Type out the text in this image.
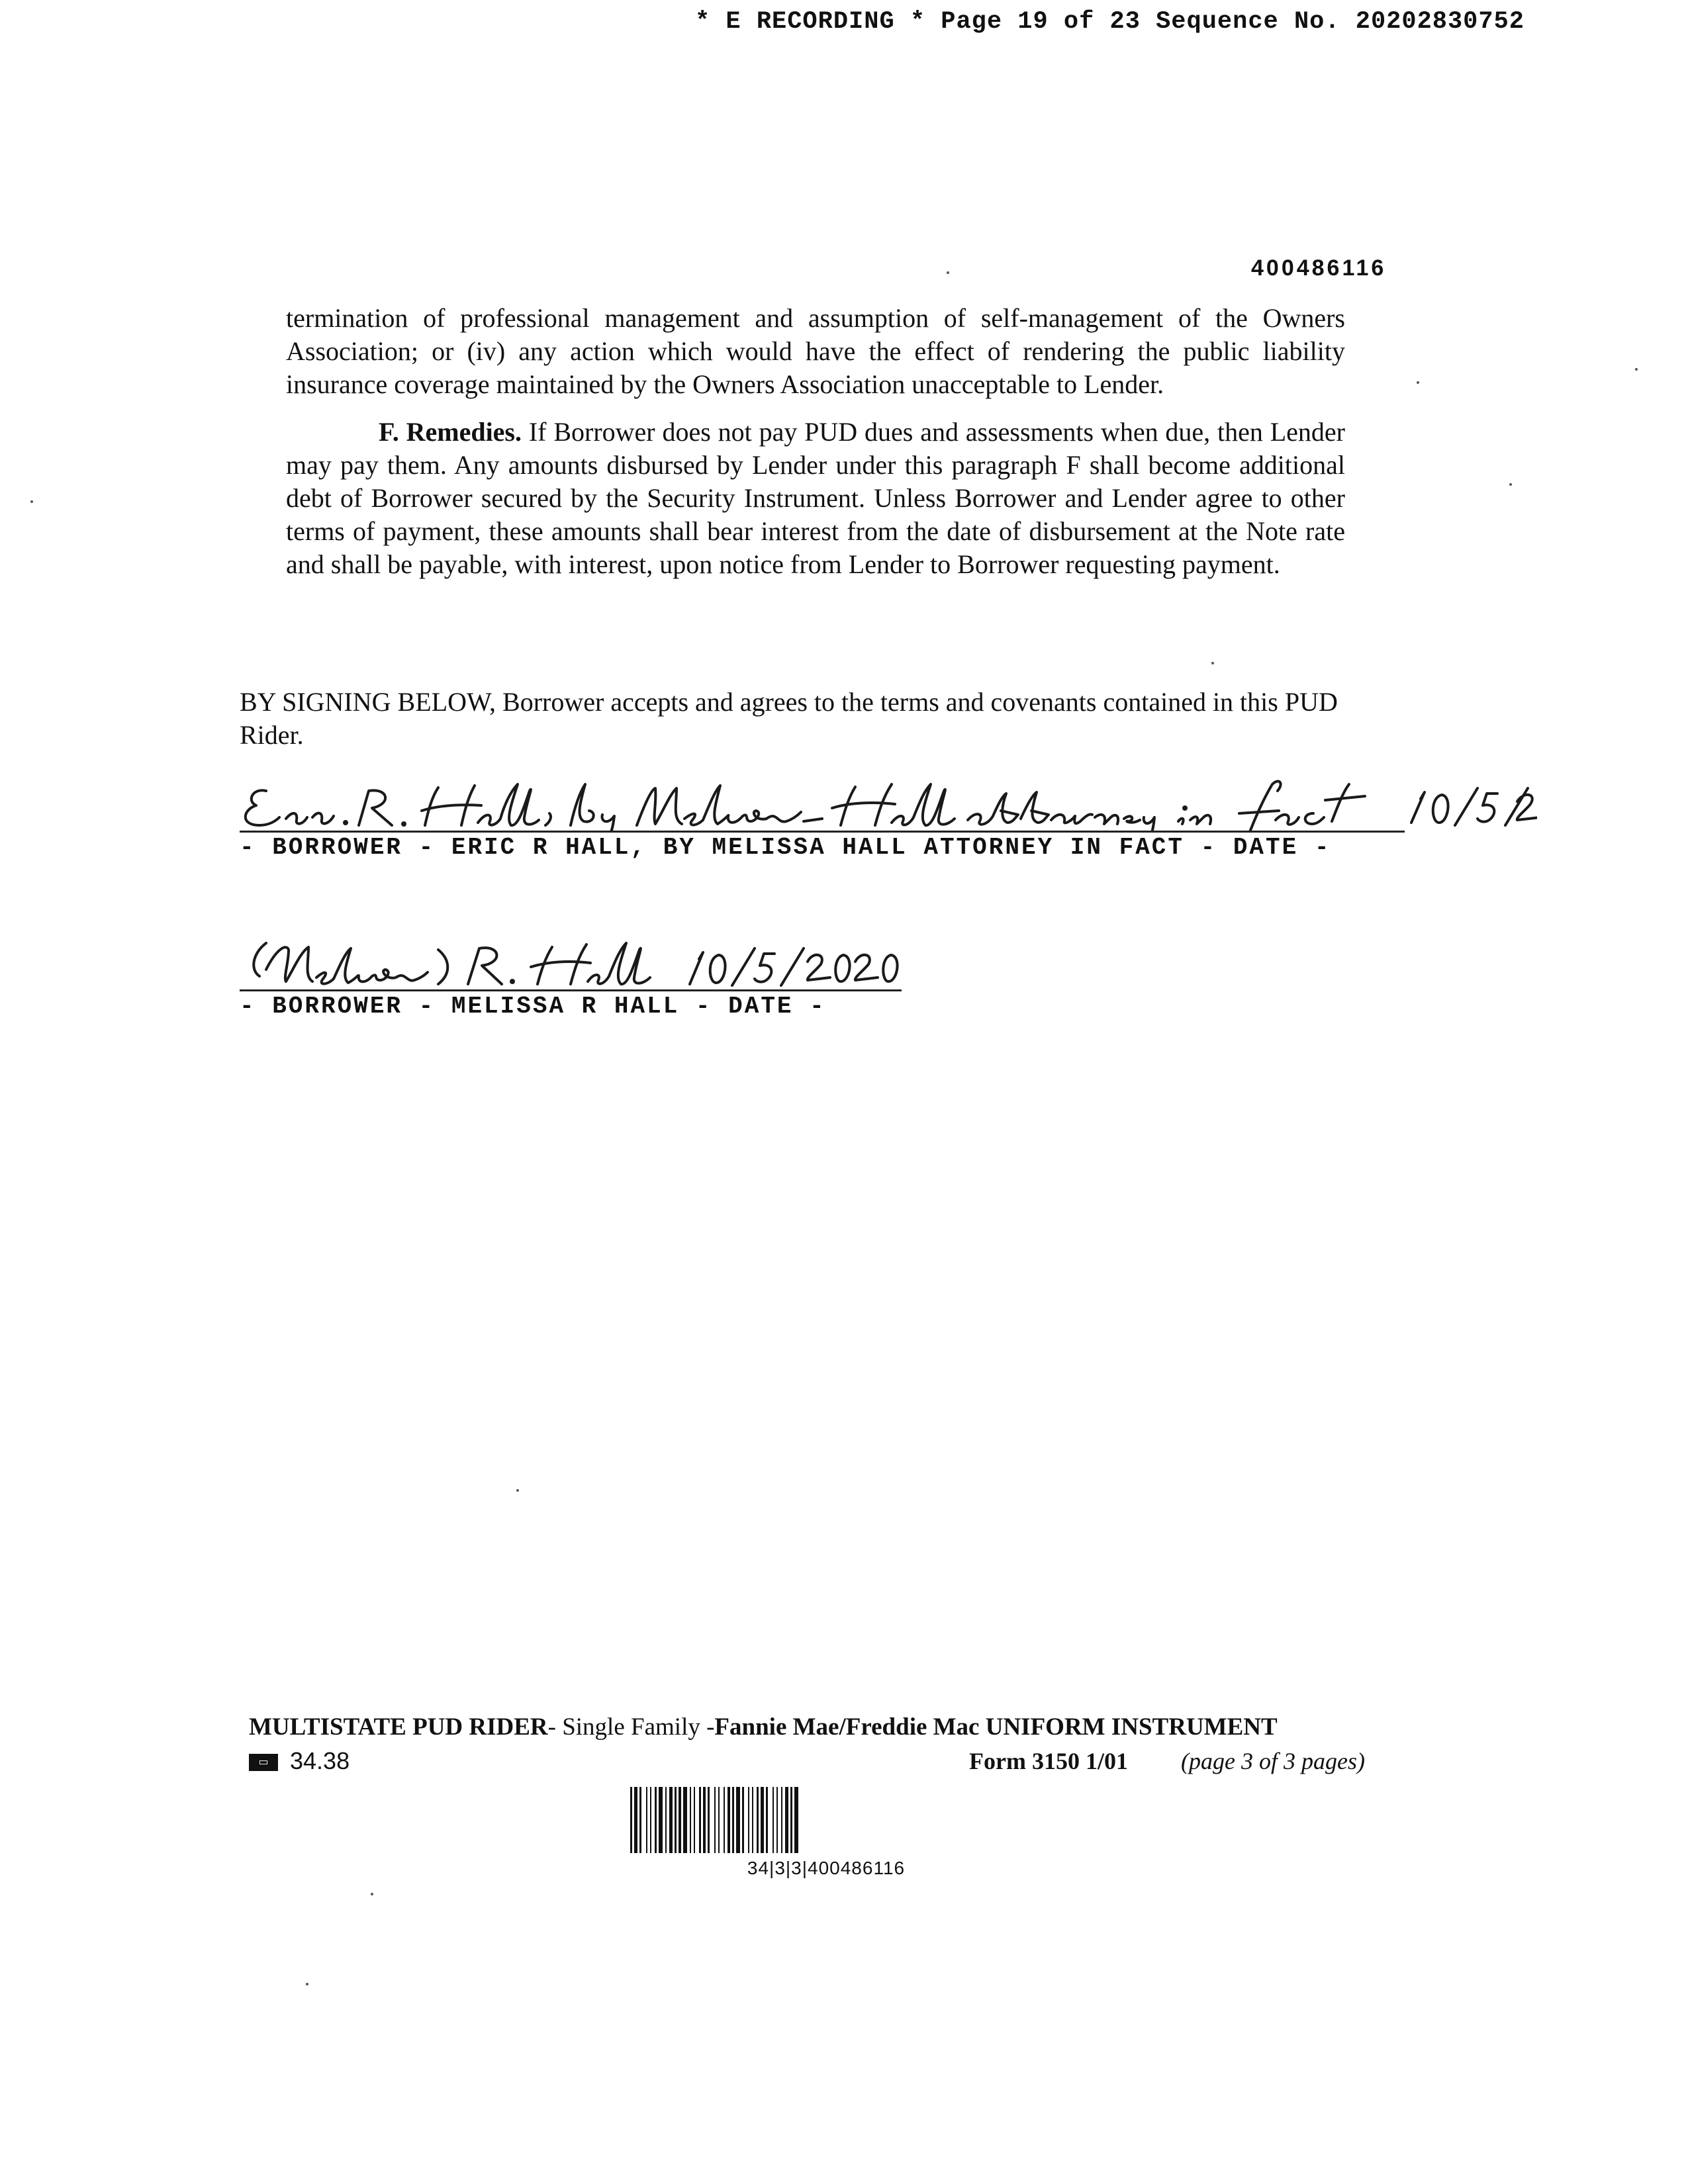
* E RECORDING * Page 19 of 23 Sequence No. 20202830752
400486116
termination of professional management and assumption of self-management of the Owners Association; or (iv) any action which would have the effect of rendering the public liability insurance coverage maintained by the Owners Association unacceptable to Lender.
F. Remedies. If Borrower does not pay PUD dues and assessments when due, then Lender may pay them. Any amounts disbursed by Lender under this paragraph F shall become additional debt of Borrower secured by the Security Instrument. Unless Borrower and Lender agree to other terms of payment, these amounts shall bear interest from the date of disbursement at the Note rate and shall be payable, with interest, upon notice from Lender to Borrower requesting payment.
BY SIGNING BELOW, Borrower accepts and agrees to the terms and covenants contained in this PUD Rider.
- BORROWER - ERIC R HALL, BY MELISSA HALL ATTORNEY IN FACT - DATE -
- BORROWER - MELISSA R HALL - DATE -
MULTISTATE PUD RIDER- Single Family -Fannie Mae/Freddie Mac UNIFORM INSTRUMENT
▭ 34.38	Form 3150 1/01 (page 3 of 3 pages)
34|3|3|400486116
